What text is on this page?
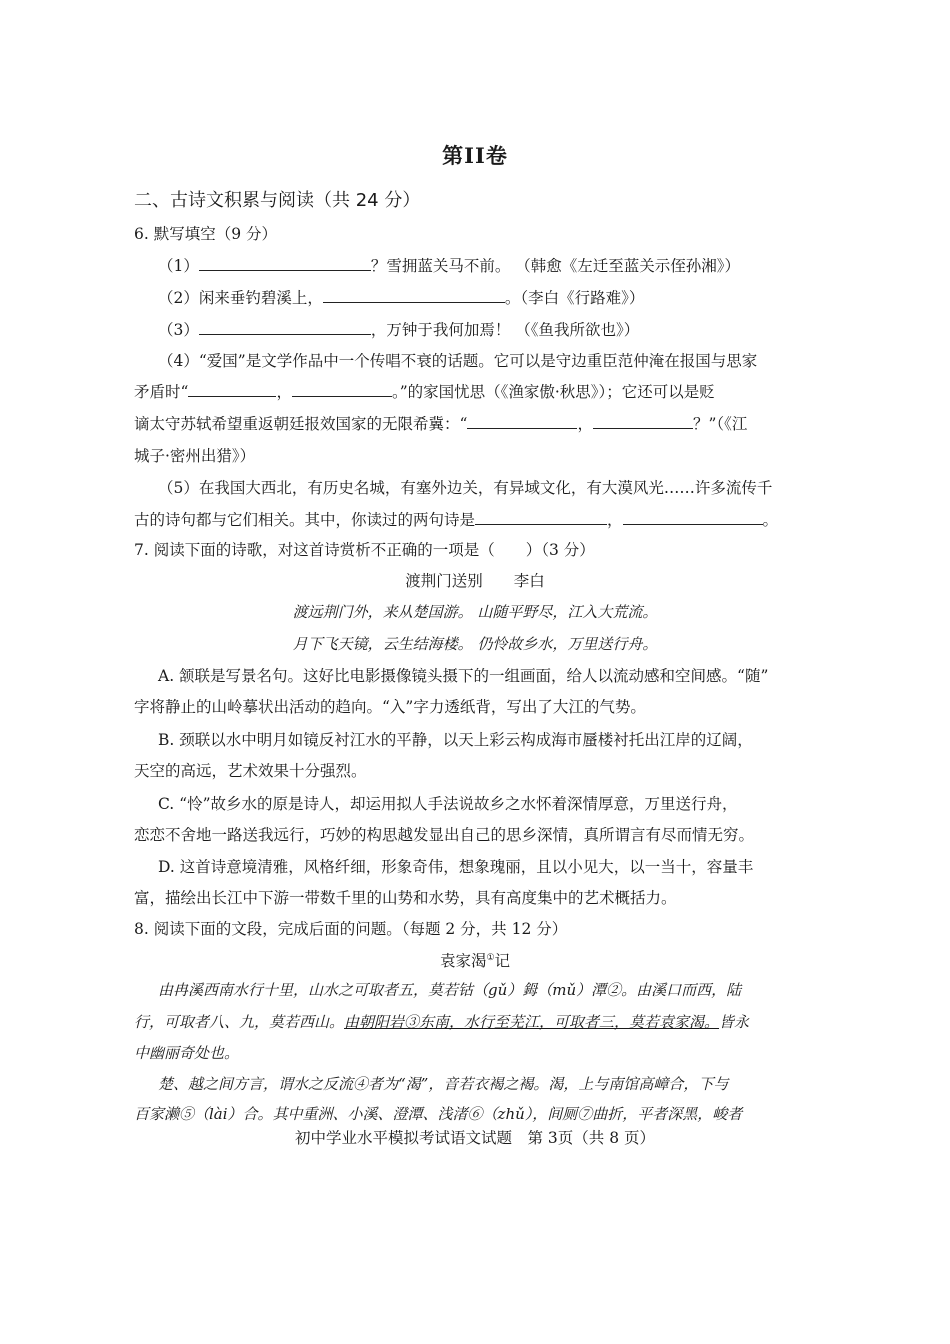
第II卷
二、古诗文积累与阅读（共 24 分）
6. 默写填空（9 分）
（1）	？雪拥蓝关马不前。 （韩愈《左迁至蓝关示侄孙湘》）
（2）闲来垂钓碧溪上，	。（李白《行路难》）
（3）	，万钟于我何加焉！ （《鱼我所欲也》）
（4）“爱国”是文学作品中一个传唱不衰的话题。它可以是守边重臣范仲淹在报国与思家
矛盾时“	，	。”的家国忧思（《渔家傲·秋思》）；它还可以是贬
谪太守苏轼希望重返朝廷报效国家的无限希冀：“	，	？”（《江
城子·密州出猎》）
（5）在我国大西北，有历史名城，有塞外边关，有异域文化，有大漠风光……许多流传千
古的诗句都与它们相关。其中，你读过的两句诗是	，	。
7. 阅读下面的诗歌，对这首诗赏析不正确的一项是（　　）（3 分）
渡荆门送别　　李白
渡远荆门外，来从楚国游。 山随平野尽，江入大荒流。
月下飞天镜，云生结海楼。 仍怜故乡水，万里送行舟。
A. 颔联是写景名句。这好比电影摄像镜头摄下的一组画面，给人以流动感和空间感。“随”
字将静止的山岭摹状出活动的趋向。“入”字力透纸背，写出了大江的气势。
B. 颈联以水中明月如镜反衬江水的平静，以天上彩云构成海市蜃楼衬托出江岸的辽阔，
天空的高远，艺术效果十分强烈。
C. “怜”故乡水的原是诗人，却运用拟人手法说故乡之水怀着深情厚意，万里送行舟，
恋恋不舍地一路送我远行，巧妙的构思越发显出自己的思乡深情，真所谓言有尽而情无穷。
D. 这首诗意境清雅，风格纤细，形象奇伟，想象瑰丽，且以小见大，以一当十，容量丰
富，描绘出长江中下游一带数千里的山势和水势，具有高度集中的艺术概括力。
8. 阅读下面的文段，完成后面的问题。（每题 2 分，共 12 分）
袁家渴①记
由冉溪西南水行十里，山水之可取者五，莫若钴（gǔ）鉧（mǔ）潭②。由溪口而西，陆
行，可取者八、九，莫若西山。由朝阳岩③东南，水行至芜江，可取者三，莫若袁家渴。皆永
中幽丽奇处也。
楚、越之间方言，谓水之反流④者为“渴”，音若衣褐之褐。渴，上与南馆高嶂合，下与
百家濑⑤（lài）合。其中重洲、小溪、澄潭、浅渚⑥（zhǔ），间厕⑦曲折，平者深黑，峻者
初中学业水平模拟考试语文试题　第 3页（共 8 页）
